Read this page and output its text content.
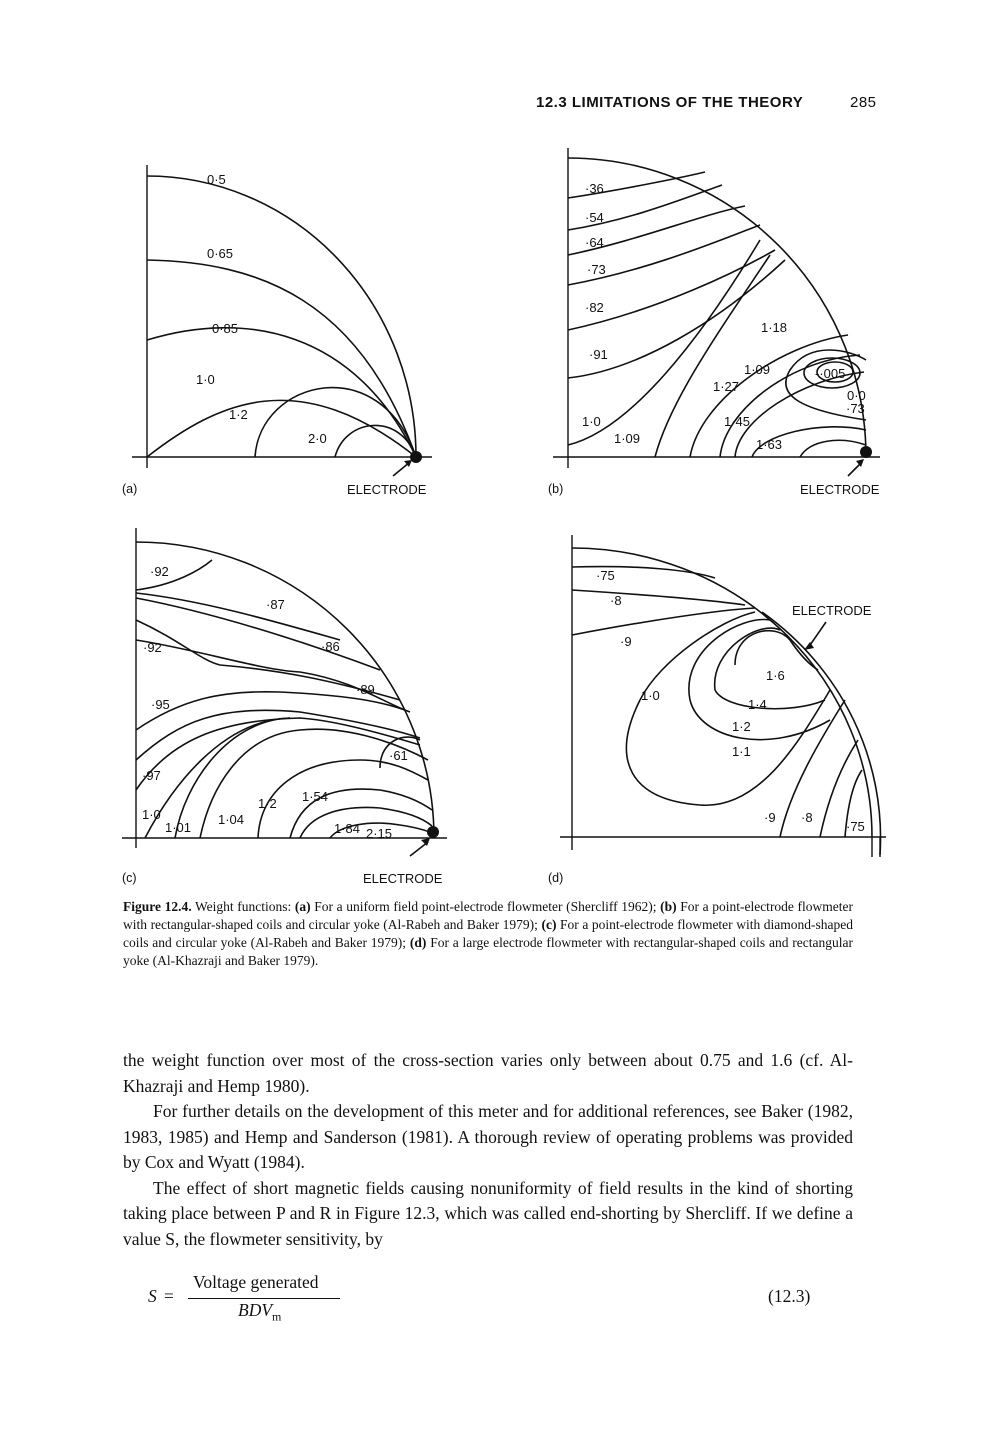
12.3 LIMITATIONS OF THE THEORY	285
0·5
0·65
0·85
1·0
1·2
2·0
(a)	ELECTRODE
·36
·54
·64
·73
·82
·91
1·0
1·09
1·18
1·09
1·27
1·45
1·63
-·005
0·0
·73
(b)	ELECTRODE
·92
·87
·92	·86
·95
·89
·61
·97
1·0
1·01
1·04
1·2 1·54
1·84 2·15
(c)	ELECTRODE
·75
·8
·9
1·0
1·6
1·4
1·2
1·1
·9 ·8
·75
(d)
ELECTRODE
Figure 12.4. Weight functions: (a) For a uniform field point-electrode flowmeter (Shercliff 1962); (b) For a point-electrode flowmeter with rectangular-shaped coils and circular yoke (Al-Rabeh and Baker 1979); (c) For a point-electrode flowmeter with diamond-shaped coils and circular yoke (Al-Rabeh and Baker 1979); (d) For a large electrode flowmeter with rectangular-shaped coils and rectangular yoke (Al-Khazraji and Baker 1979).

the weight function over most of the cross-section varies only between about 0.75 and 1.6 (cf. Al-Khazraji and Hemp 1980).

For further details on the development of this meter and for additional references, see Baker (1982, 1983, 1985) and Hemp and Sanderson (1981). A thorough review of operating problems was provided by Cox and Wyatt (1984).

The effect of short magnetic fields causing nonuniformity of field results in the kind of shorting taking place between P and R in Figure 12.3, which was called end-shorting by Shercliff. If we define a value S, the flowmeter sensitivity, by

S =
Voltage generated
$BDV_m$
(12.3)
